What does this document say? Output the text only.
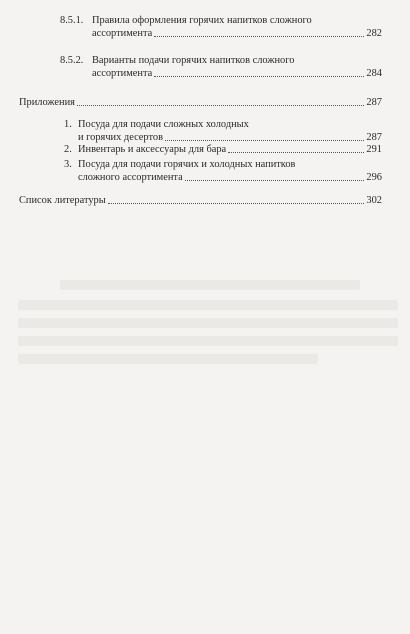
8.5.1. Правила оформления горячих напитков сложного
ассортимента	282
8.5.2. Варианты подачи горячих напитков сложного
ассортимента	284
Приложения	287
1. Посуда для подачи сложных холодных
и горячих десертов	287
2. Инвентарь и аксессуары для бара	291
3. Посуда для подачи горячих и холодных напитков
сложного ассортимента	296
Список литературы	302
